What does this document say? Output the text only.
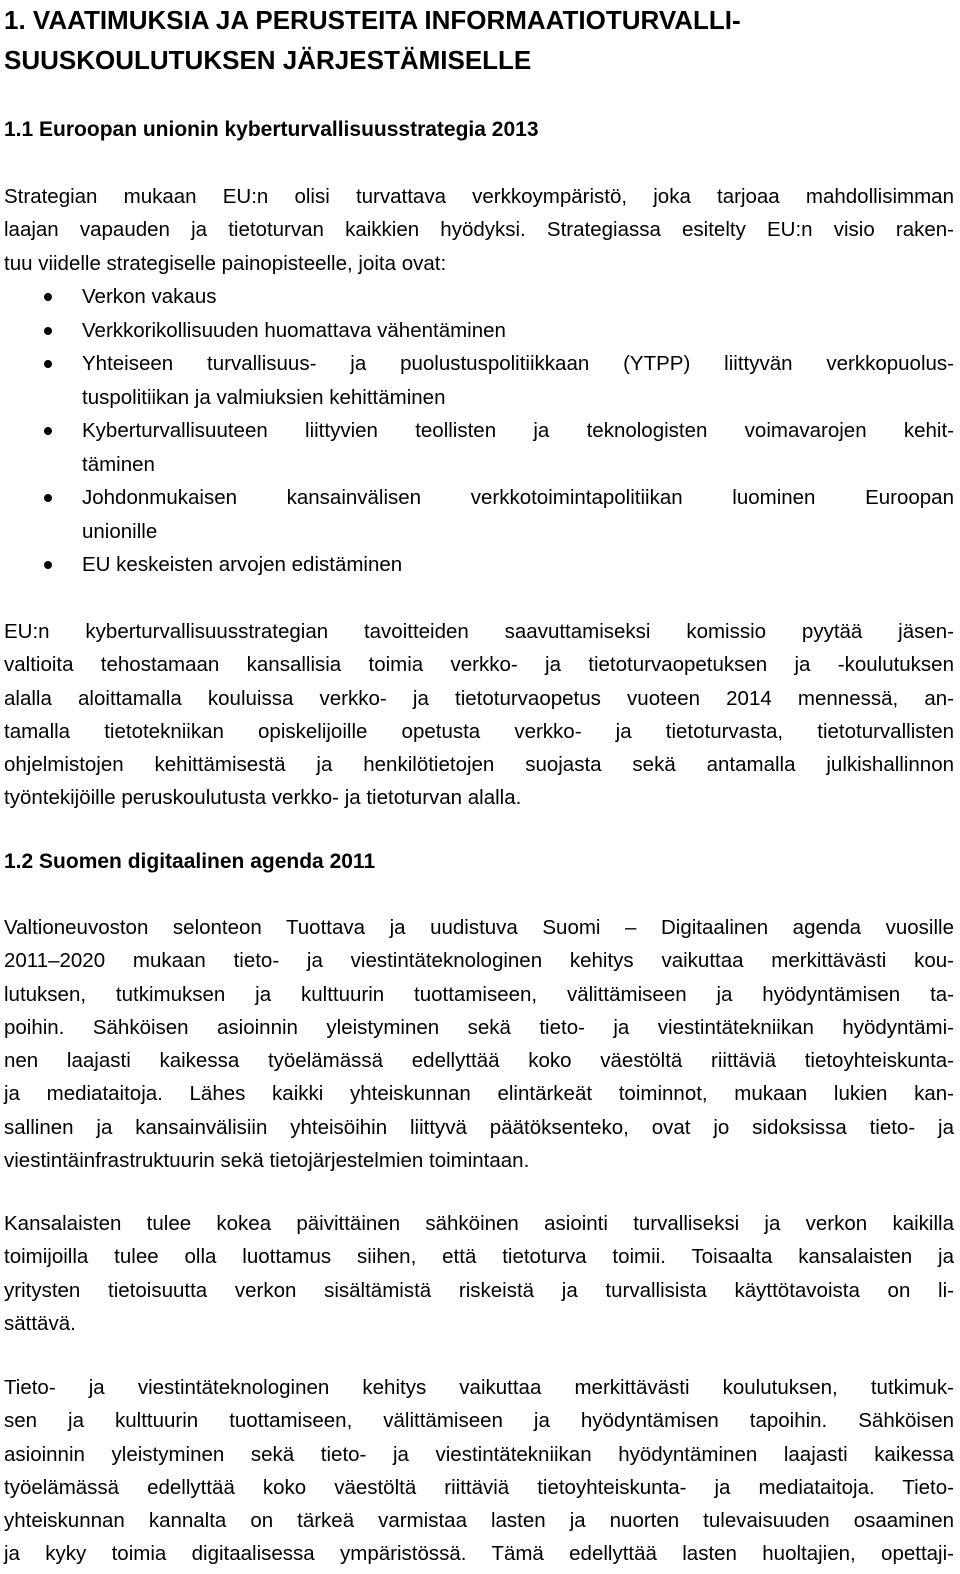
1. VAATIMUKSIA JA PERUSTEITA INFORMAATIOTURVALLI-
SUUSKOULUTUKSEN JÄRJESTÄMISELLE
1.1 Euroopan unionin kyberturvallisuusstrategia 2013
Strategian mukaan EU:n olisi turvattava verkkoympäristö, joka tarjoaa mahdollisimman
laajan vapauden ja tietoturvan kaikkien hyödyksi. Strategiassa esitelty EU:n visio raken-
tuu viidelle strategiselle painopisteelle, joita ovat:
Verkon vakaus
Verkkorikollisuuden huomattava vähentäminen
Yhteiseen turvallisuus- ja puolustuspolitiikkaan (YTPP) liittyvän verkkopuolus-
tuspolitiikan ja valmiuksien kehittäminen
Kyberturvallisuuteen liittyvien teollisten ja teknologisten voimavarojen kehit-
täminen
Johdonmukaisen kansainvälisen verkkotoimintapolitiikan luominen Euroopan
unionille
EU keskeisten arvojen edistäminen
EU:n kyberturvallisuusstrategian tavoitteiden saavuttamiseksi komissio pyytää jäsen-
valtioita tehostamaan kansallisia toimia verkko- ja tietoturvaopetuksen ja -koulutuksen
alalla aloittamalla kouluissa verkko- ja tietoturvaopetus vuoteen 2014 mennessä, an-
tamalla tietotekniikan opiskelijoille opetusta verkko- ja tietoturvasta, tietoturvallisten
ohjelmistojen kehittämisestä ja henkilötietojen suojasta sekä antamalla julkishallinnon
työntekijöille peruskoulutusta verkko- ja tietoturvan alalla.
1.2 Suomen digitaalinen agenda 2011
Valtioneuvoston selonteon Tuottava ja uudistuva Suomi – Digitaalinen agenda vuosille
2011–2020 mukaan tieto- ja viestintäteknologinen kehitys vaikuttaa merkittävästi kou-
lutuksen, tutkimuksen ja kulttuurin tuottamiseen, välittämiseen ja hyödyntämisen ta-
poihin. Sähköisen asioinnin yleistyminen sekä tieto- ja viestintätekniikan hyödyntämi-
nen laajasti kaikessa työelämässä edellyttää koko väestöltä riittäviä tietoyhteiskunta-
ja mediataitoja. Lähes kaikki yhteiskunnan elintärkeät toiminnot, mukaan lukien kan-
sallinen ja kansainvälisiin yhteisöihin liittyvä päätöksenteko, ovat jo sidoksissa tieto- ja
viestintäinfrastruktuurin sekä tietojärjestelmien toimintaan.
Kansalaisten tulee kokea päivittäinen sähköinen asiointi turvalliseksi ja verkon kaikilla
toimijoilla tulee olla luottamus siihen, että tietoturva toimii. Toisaalta kansalaisten ja
yritysten tietoisuutta verkon sisältämistä riskeistä ja turvallisista käyttötavoista on li-
sättävä.
Tieto- ja viestintäteknologinen kehitys vaikuttaa merkittävästi koulutuksen, tutkimuk-
sen ja kulttuurin tuottamiseen, välittämiseen ja hyödyntämisen tapoihin. Sähköisen
asioinnin yleistyminen sekä tieto- ja viestintätekniikan hyödyntäminen laajasti kaikessa
työelämässä edellyttää koko väestöltä riittäviä tietoyhteiskunta- ja mediataitoja. Tieto-
yhteiskunnan kannalta on tärkeä varmistaa lasten ja nuorten tulevaisuuden osaaminen
ja kyky toimia digitaalisessa ympäristössä. Tämä edellyttää lasten huoltajien, opettaji-
